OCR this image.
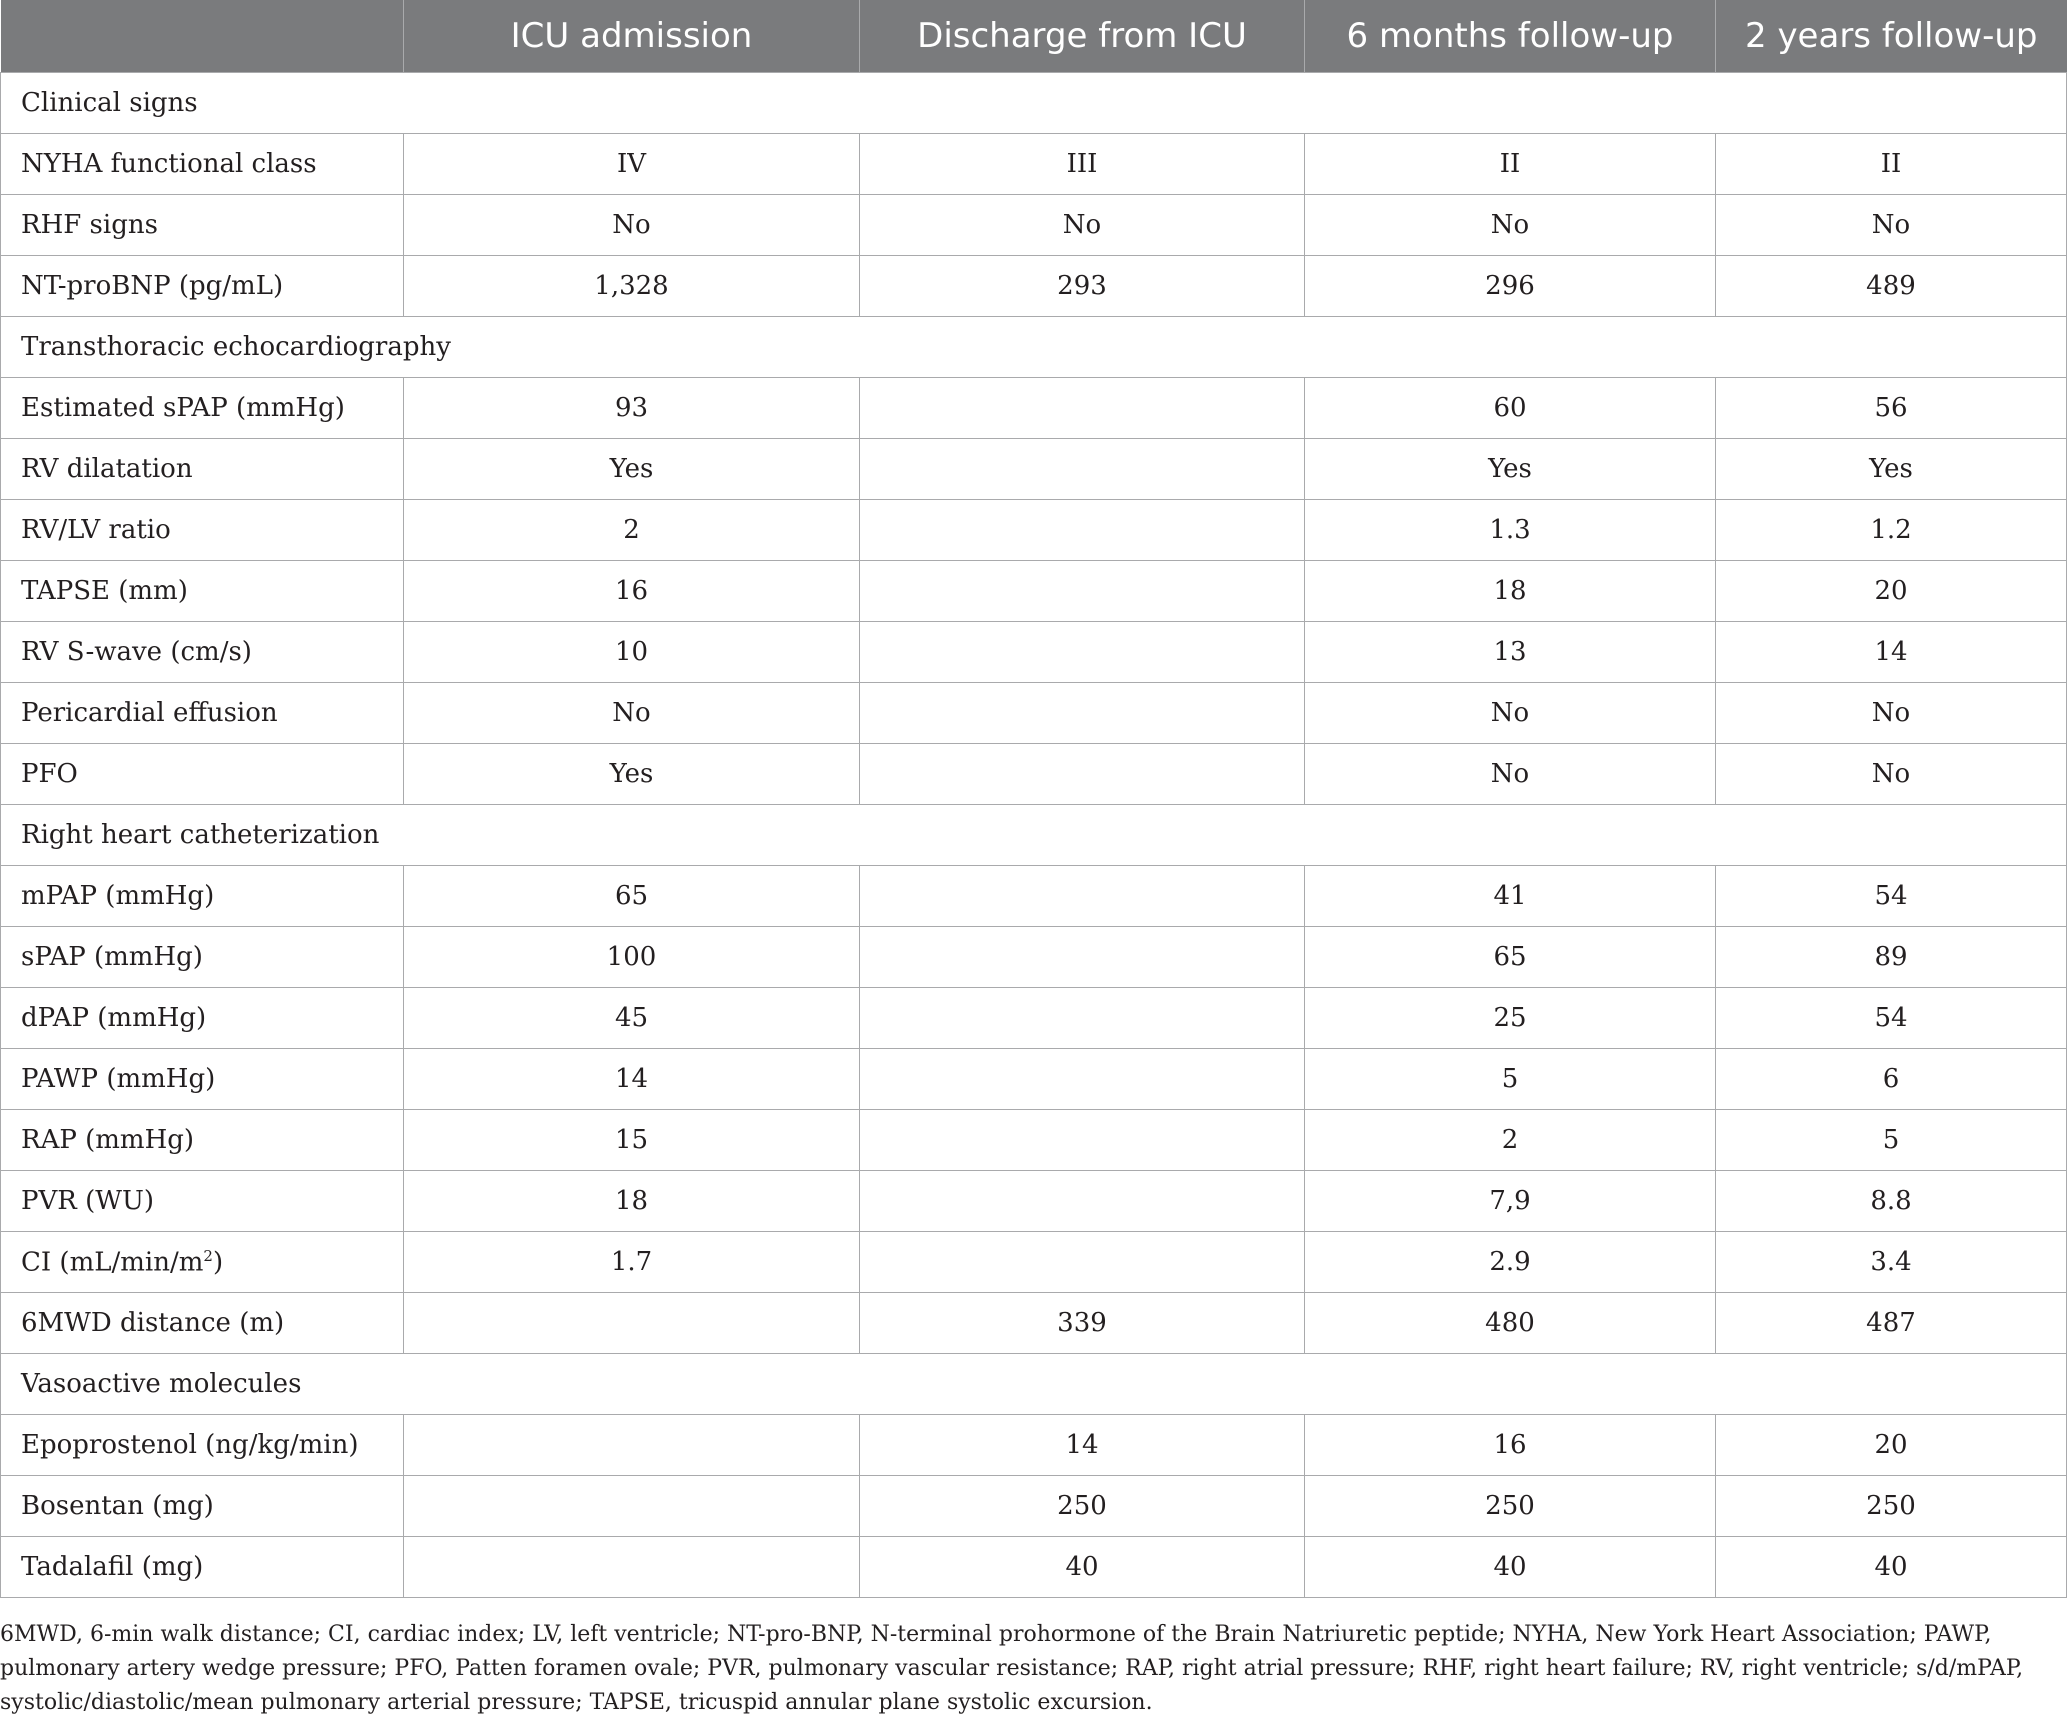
	ICU admission	Discharge from ICU	6 months follow-up	2 years follow-up
Clinical signs				
NYHA functional class	IV	III	II	II
RHF signs	No	No	No	No
NT-proBNP (pg/mL)	1,328	293	296	489
Transthoracic echocardiography				
Estimated sPAP (mmHg)	93		60	56
RV dilatation	Yes		Yes	Yes
RV/LV ratio	2		1.3	1.2
TAPSE (mm)	16		18	20
RV S-wave (cm/s)	10		13	14
Pericardial effusion	No		No	No
PFO	Yes		No	No
Right heart catheterization				
mPAP (mmHg)	65		41	54
sPAP (mmHg)	100		65	89
dPAP (mmHg)	45		25	54
PAWP (mmHg)	14		5	6
RAP (mmHg)	15		2	5
PVR (WU)	18		7,9	8.8
CI $(mL/\min/m^2)$	1.7		2.9	3.4
6MWD distance (m)		339	480	487
Vasoactive molecules				
Epoprostenol (ng/kg/min)		14	16	20
Bosentan (mg)		250	250	250
Tadalafil (mg)		40	40	40
6MWD, 6-min walk distance; CI, cardiac index; LV, left ventricle; NT-pro-BNP, N-terminal prohormone of the Brain Natriuretic peptide; NYHA, New York Heart Association; PAWP, pulmonary artery wedge pressure; PFO, Patten foramen ovale; PVR, pulmonary vascular resistance; RAP, right atrial pressure; RHF, right heart failure; RV, right ventricle; s/d/mPAP, systolic/diastolic/mean pulmonary arterial pressure; TAPSE, tricuspid annular plane systolic excursion.
